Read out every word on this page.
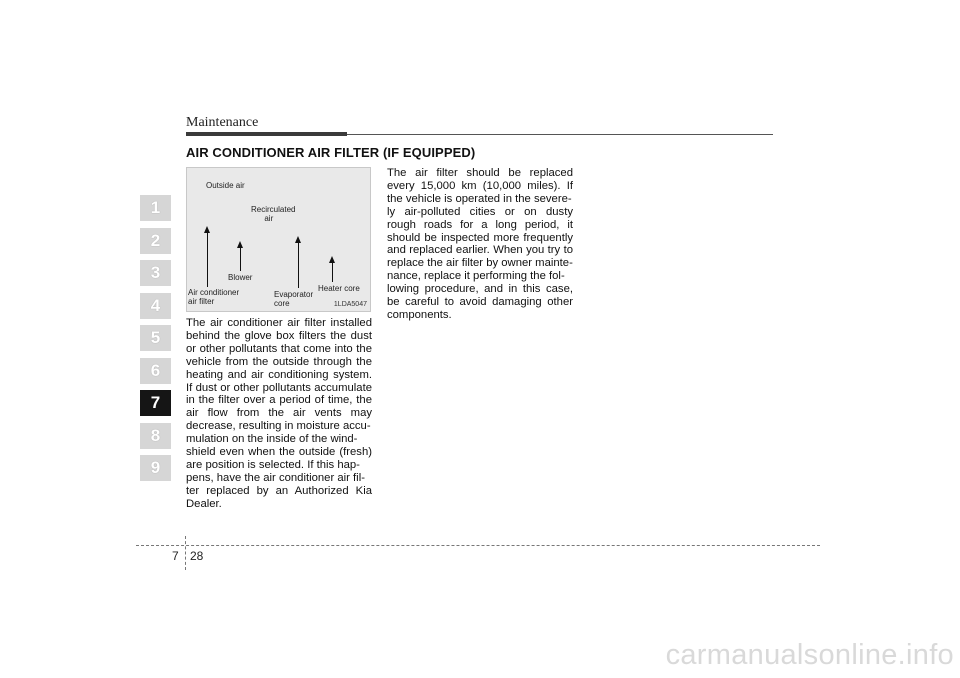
Maintenance
AIR CONDITIONER AIR FILTER (IF EQUIPPED)
1
2
3
4
5
6
7
8
9
Outside air
Recirculated
air
Blower
Air conditioner
air filter
Evaporator
core
Heater core
1LDA5047
The air conditioner air filter installed behind the glove box filters the dust or other pollutants that come into the vehicle from the outside through the heating and air conditioning system. If dust or other pollutants accumulate in the filter over a period of time, the air flow from the air vents may decrease, resulting in moisture accu-
mulation on the inside of the wind-
shield even when the outside (fresh) are position is selected. If this hap-
pens, have the air conditioner air fil-
ter replaced by an Authorized Kia Dealer.
The air filter should be replaced every 15,000 km (10,000 miles). If the vehicle is operated in the severe-
ly air-polluted cities or on dusty rough roads for a long period, it should be inspected more frequently and replaced earlier. When you try to replace the air filter by owner mainte-
nance, replace it performing the fol-
lowing procedure, and in this case, be careful to avoid damaging other components.
7 28
carmanualsonline.info
